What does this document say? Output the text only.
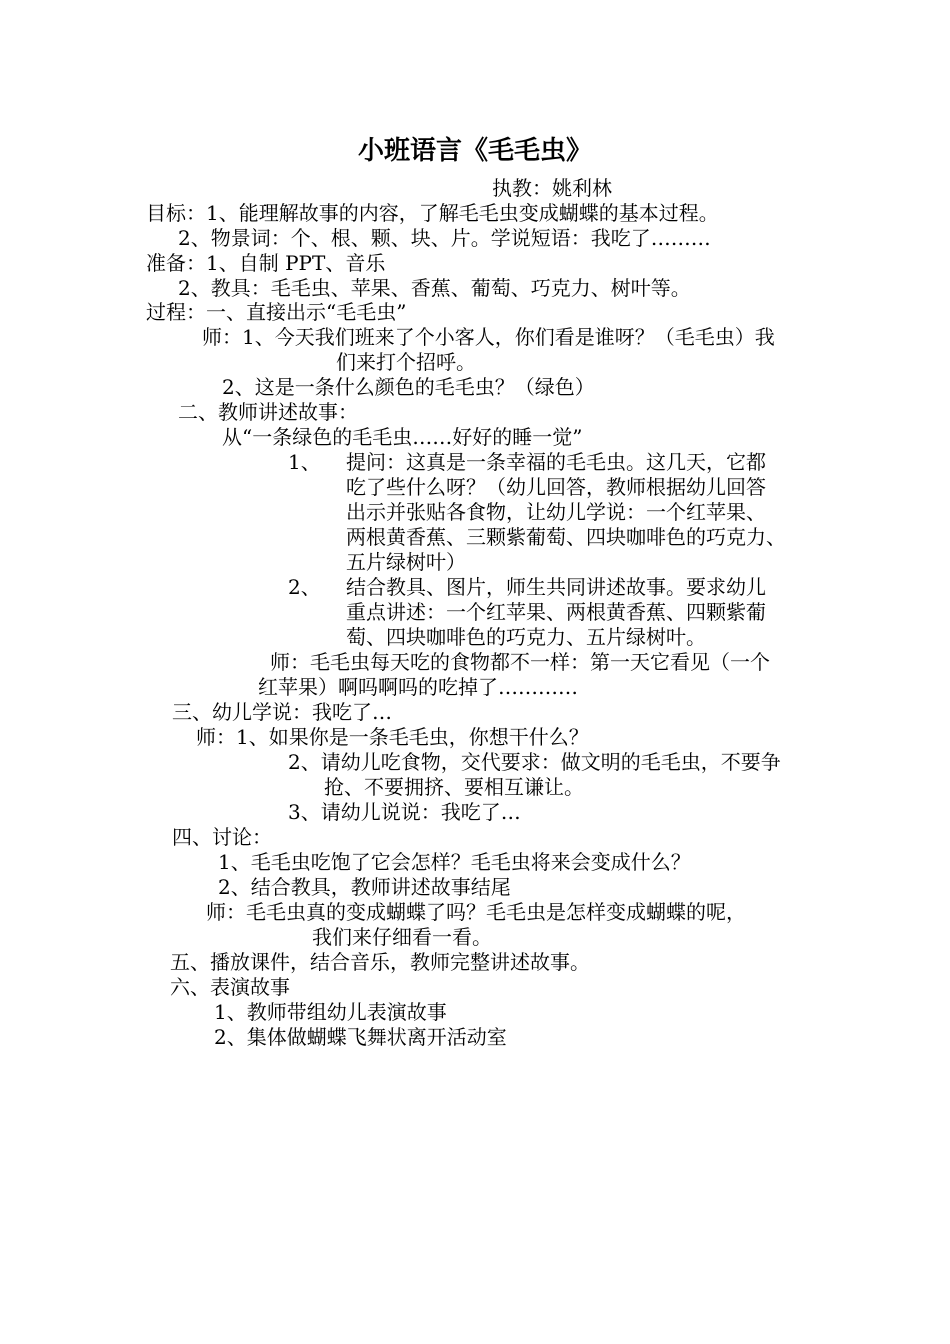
小班语言《毛毛虫》
执教：姚利林
目标：1、能理解故事的内容，了解毛毛虫变成蝴蝶的基本过程。
2、物景词：个、根、颗、块、片。学说短语：我吃了………
准备：1、自制 PPT、音乐
2、教具：毛毛虫、苹果、香蕉、葡萄、巧克力、树叶等。
过程：一、直接出示“毛毛虫”
师：1、今天我们班来了个小客人，你们看是谁呀？（毛毛虫）我
们来打个招呼。
2、这是一条什么颜色的毛毛虫？（绿色）
二、教师讲述故事：
从“一条绿色的毛毛虫……好好的睡一觉”
1、 提问：这真是一条幸福的毛毛虫。这几天，它都
吃了些什么呀？（幼儿回答，教师根据幼儿回答
出示并张贴各食物，让幼儿学说：一个红苹果、
两根黄香蕉、三颗紫葡萄、四块咖啡色的巧克力、
五片绿树叶）
2、 结合教具、图片，师生共同讲述故事。要求幼儿
重点讲述：一个红苹果、两根黄香蕉、四颗紫葡
萄、四块咖啡色的巧克力、五片绿树叶。
师：毛毛虫每天吃的食物都不一样：第一天它看见（一个
红苹果）啊吗啊吗的吃掉了…………
三、幼儿学说：我吃了…
师：1、如果你是一条毛毛虫，你想干什么？
2、请幼儿吃食物，交代要求：做文明的毛毛虫，不要争
抢、不要拥挤、要相互谦让。
3、请幼儿说说：我吃了…
四、讨论：
1、毛毛虫吃饱了它会怎样？毛毛虫将来会变成什么？
2、结合教具，教师讲述故事结尾
师：毛毛虫真的变成蝴蝶了吗？毛毛虫是怎样变成蝴蝶的呢，
我们来仔细看一看。
五、播放课件，结合音乐，教师完整讲述故事。
六、表演故事
1、教师带组幼儿表演故事
2、集体做蝴蝶飞舞状离开活动室
